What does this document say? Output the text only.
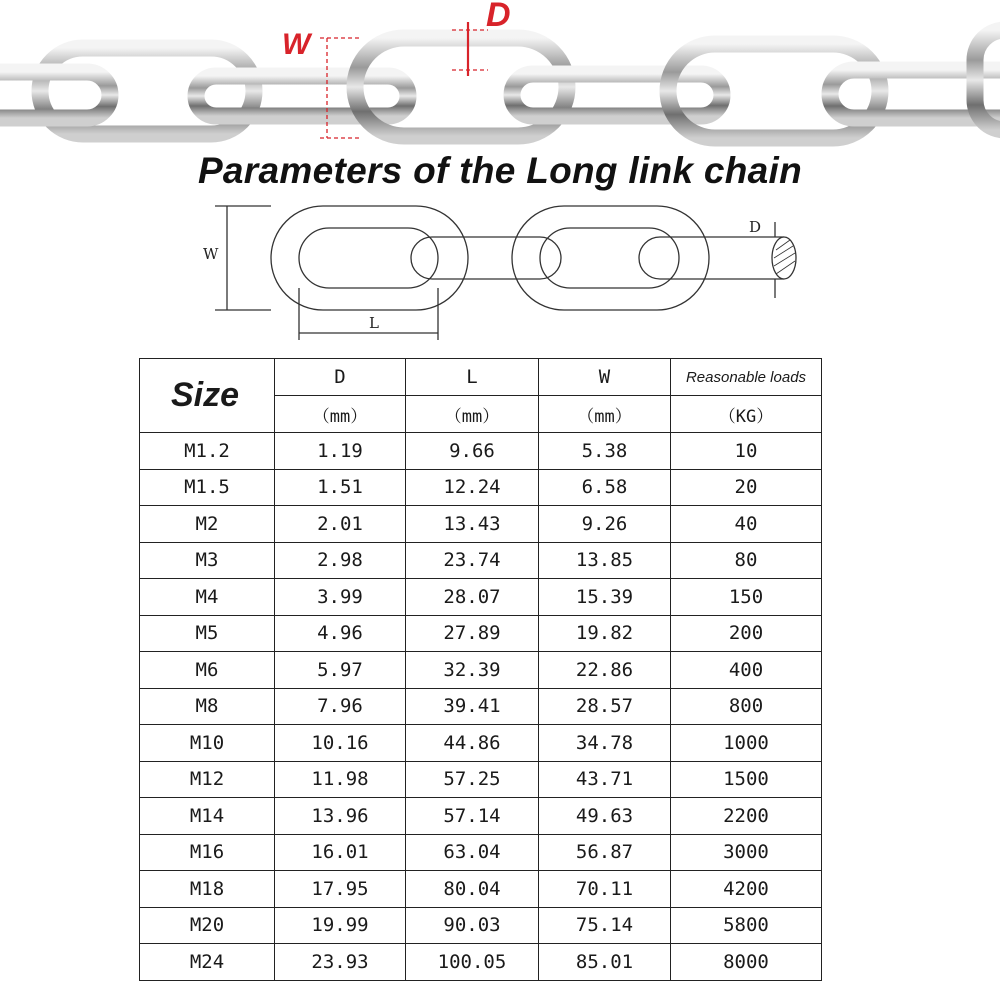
W
D
Parameters of the Long link chain
W
L
D
Size	D	L	W	Reasonable loads
	（mm）	（mm）	（mm）	（KG）
M1.2	1.19	9.66	5.38	10
M1.5	1.51	12.24	6.58	20
M2	2.01	13.43	9.26	40
M3	2.98	23.74	13.85	80
M4	3.99	28.07	15.39	150
M5	4.96	27.89	19.82	200
M6	5.97	32.39	22.86	400
M8	7.96	39.41	28.57	800
M10	10.16	44.86	34.78	1000
M12	11.98	57.25	43.71	1500
M14	13.96	57.14	49.63	2200
M16	16.01	63.04	56.87	3000
M18	17.95	80.04	70.11	4200
M20	19.99	90.03	75.14	5800
M24	23.93	100.05	85.01	8000
